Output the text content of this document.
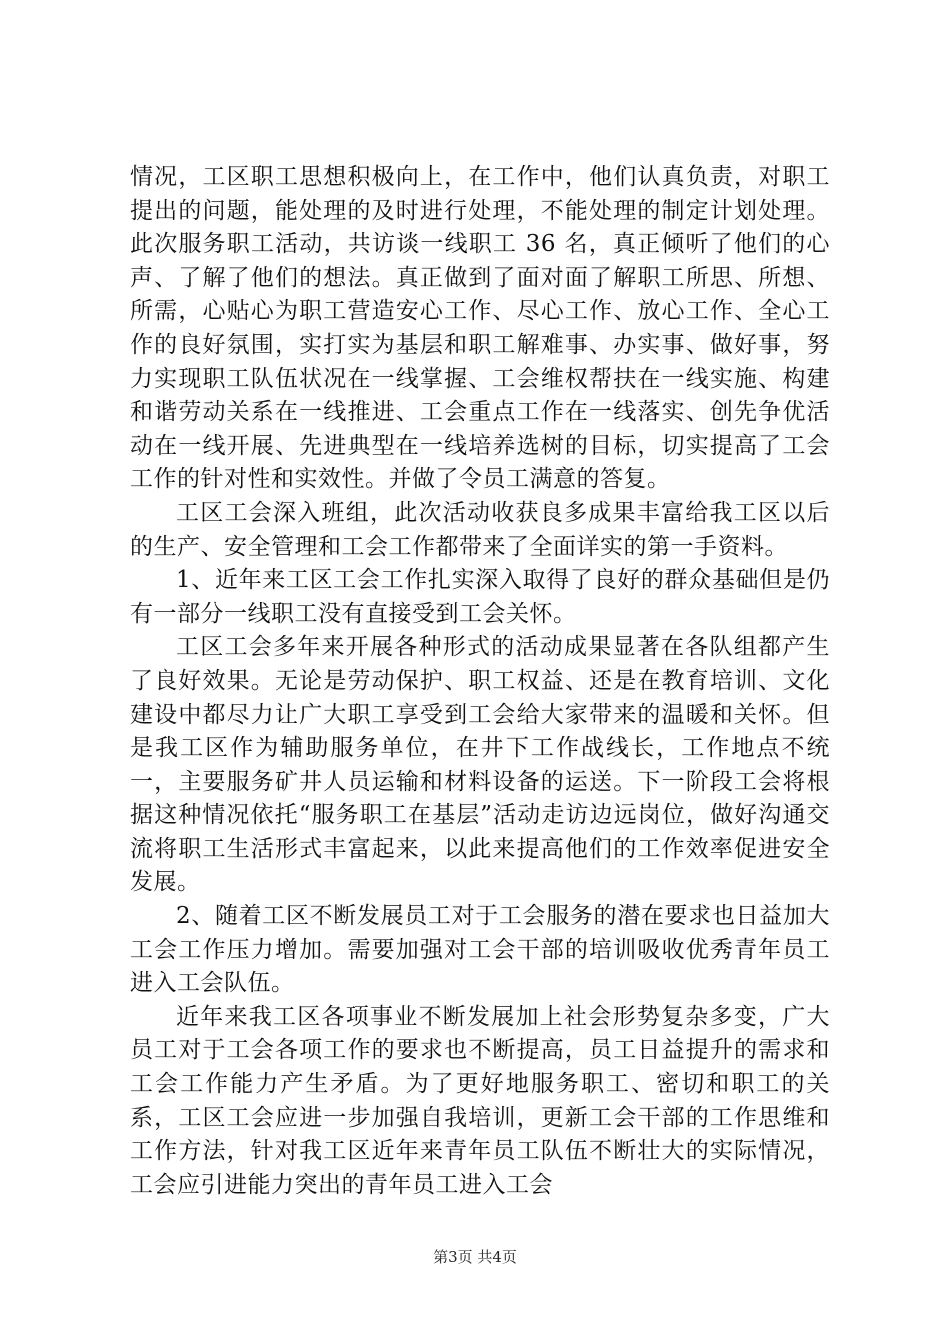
情况，工区职工思想积极向上，在工作中，他们认真负责，对职工提出的问题，能处理的及时进行处理，不能处理的制定计划处理。此次服务职工活动，共访谈一线职工 36 名，真正倾听了他们的心声、了解了他们的想法。真正做到了面对面了解职工所思、所想、所需，心贴心为职工营造安心工作、尽心工作、放心工作、全心工作的良好氛围，实打实为基层和职工解难事、办实事、做好事，努力实现职工队伍状况在一线掌握、工会维权帮扶在一线实施、构建和谐劳动关系在一线推进、工会重点工作在一线落实、创先争优活动在一线开展、先进典型在一线培养选树的目标，切实提高了工会工作的针对性和实效性。并做了令员工满意的答复。

工区工会深入班组，此次活动收获良多成果丰富给我工区以后的生产、安全管理和工会工作都带来了全面详实的第一手资料。

1、近年来工区工会工作扎实深入取得了良好的群众基础但是仍有一部分一线职工没有直接受到工会关怀。

工区工会多年来开展各种形式的活动成果显著在各队组都产生了良好效果。无论是劳动保护、职工权益、还是在教育培训、文化建设中都尽力让广大职工享受到工会给大家带来的温暖和关怀。但是我工区作为辅助服务单位，在井下工作战线长，工作地点不统一，主要服务矿井人员运输和材料设备的运送。下一阶段工会将根据这种情况依托“服务职工在基层”活动走访边远岗位，做好沟通交流将职工生活形式丰富起来，以此来提高他们的工作效率促进安全发展。

2、随着工区不断发展员工对于工会服务的潜在要求也日益加大工会工作压力增加。需要加强对工会干部的培训吸收优秀青年员工进入工会队伍。

近年来我工区各项事业不断发展加上社会形势复杂多变，广大员工对于工会各项工作的要求也不断提高，员工日益提升的需求和工会工作能力产生矛盾。为了更好地服务职工、密切和职工的关系，工区工会应进一步加强自我培训，更新工会干部的工作思维和工作方法，针对我工区近年来青年员工队伍不断壮大的实际情况，工会应引进能力突出的青年员工进入工会

第3页 共4页
